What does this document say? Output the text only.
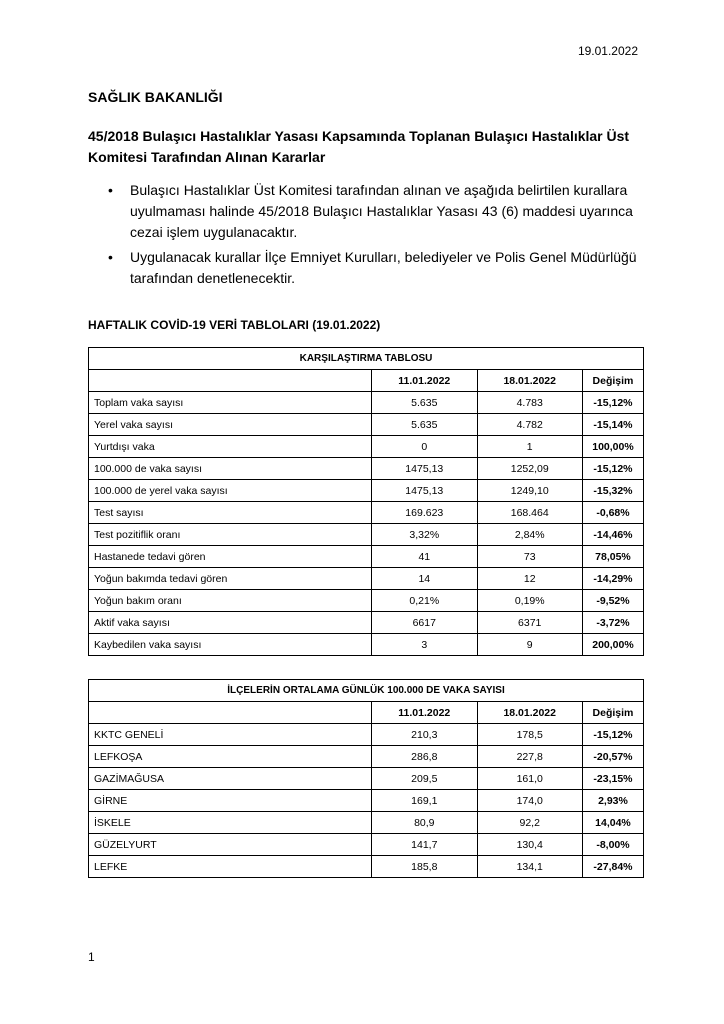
19.01.2022
SAĞLIK BAKANLIĞI

45/2018 Bulaşıcı Hastalıklar Yasası Kapsamında Toplanan Bulaşıcı Hastalıklar Üst Komitesi Tarafından Alınan Kararlar

• Bulaşıcı Hastalıklar Üst Komitesi tarafından alınan ve aşağıda belirtilen kurallara uyulmaması halinde 45/2018 Bulaşıcı Hastalıklar Yasası 43 (6) maddesi uyarınca cezai işlem uygulanacaktır.
• Uygulanacak kurallar İlçe Emniyet Kurulları, belediyeler ve Polis Genel Müdürlüğü tarafından denetlenecektir.
HAFTALIK COVİD-19 VERİ TABLOLARI (19.01.2022)
KARŞILAŞTIRMA TABLOSU			
	11.01.2022	18.01.2022	Değişim
Toplam vaka sayısı	5.635	4.783	-15,12%
Yerel vaka sayısı	5.635	4.782	-15,14%
Yurtdışı vaka	0	1	100,00%
100.000 de vaka sayısı	1475,13	1252,09	-15,12%
100.000 de yerel vaka sayısı	1475,13	1249,10	-15,32%
Test sayısı	169.623	168.464	-0,68%
Test pozitiflik oranı	3,32%	2,84%	-14,46%
Hastanede tedavi gören	41	73	78,05%
Yoğun bakımda tedavi gören	14	12	-14,29%
Yoğun bakım oranı	0,21%	0,19%	-9,52%
Aktif vaka sayısı	6617	6371	-3,72%
Kaybedilen vaka sayısı	3	9	200,00%
İLÇELERİN ORTALAMA GÜNLÜK 100.000 DE VAKA SAYISI			
	11.01.2022	18.01.2022	Değişim
KKTC GENELİ	210,3	178,5	-15,12%
LEFKOŞA	286,8	227,8	-20,57%
GAZİMAĞUSA	209,5	161,0	-23,15%
GİRNE	169,1	174,0	2,93%
İSKELE	80,9	92,2	14,04%
GÜZELYURT	141,7	130,4	-8,00%
LEFKE	185,8	134,1	-27,84%
1
